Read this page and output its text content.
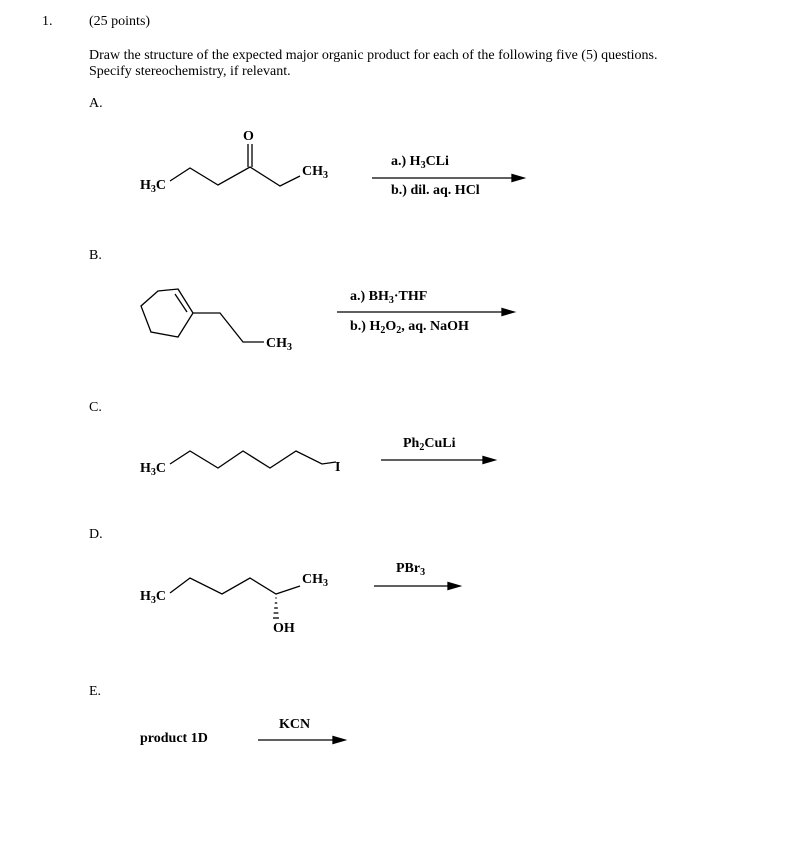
1.	(25 points)
Draw the structure of the expected major organic product for each of the following five (5) questions.
Specify stereochemistry, if relevant.
A.
B.
C.
D.
E.
O
$H_3C$
$CH_3$
a.) $H_3CLi$
b.) dil. aq. HCl
$CH_3$
a.) $BH_3\cdot THF$
b.) $H_2O_2$, aq. NaOH
$H_3C$	I
$Ph_2CuLi$
$H_3C$
$CH_3$
OH
PBr$_3$
product 1D
KCN
